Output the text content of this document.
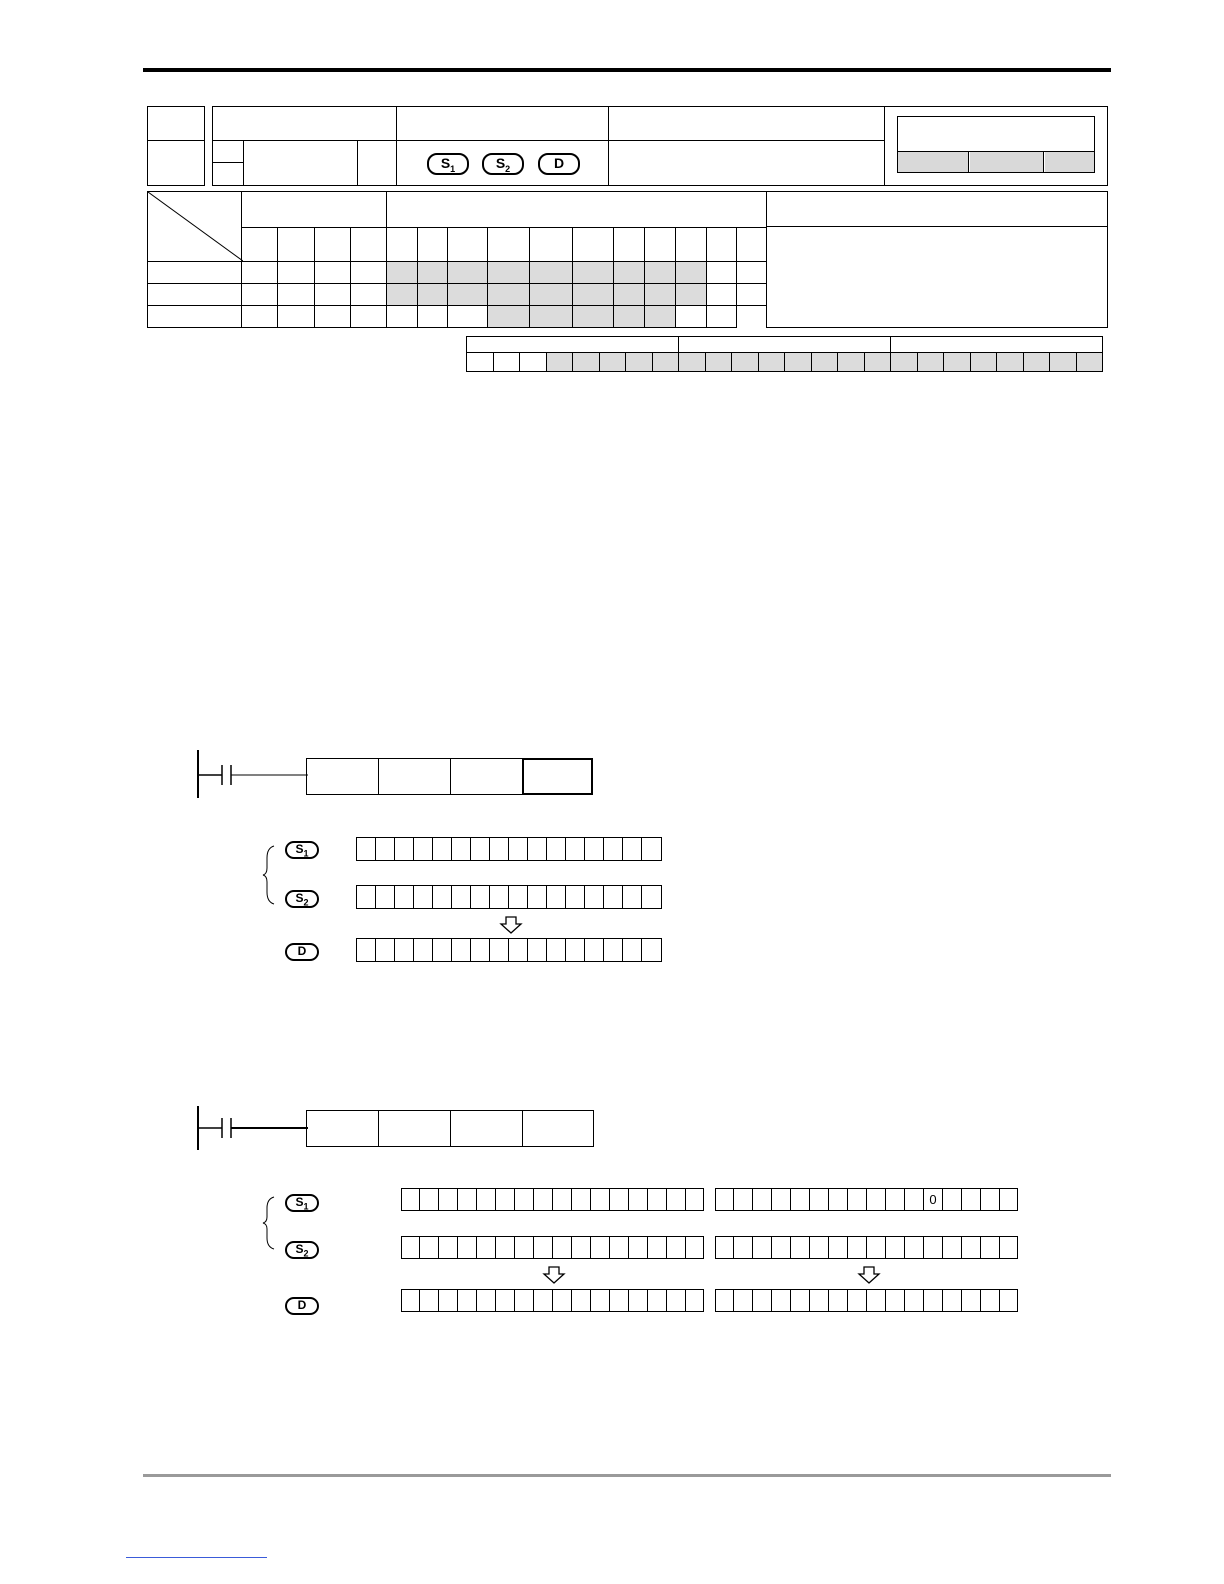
$S_1$	$S_2$	D

$S_1$
$S_2$
D
$S_1$
$S_2$
D
0
